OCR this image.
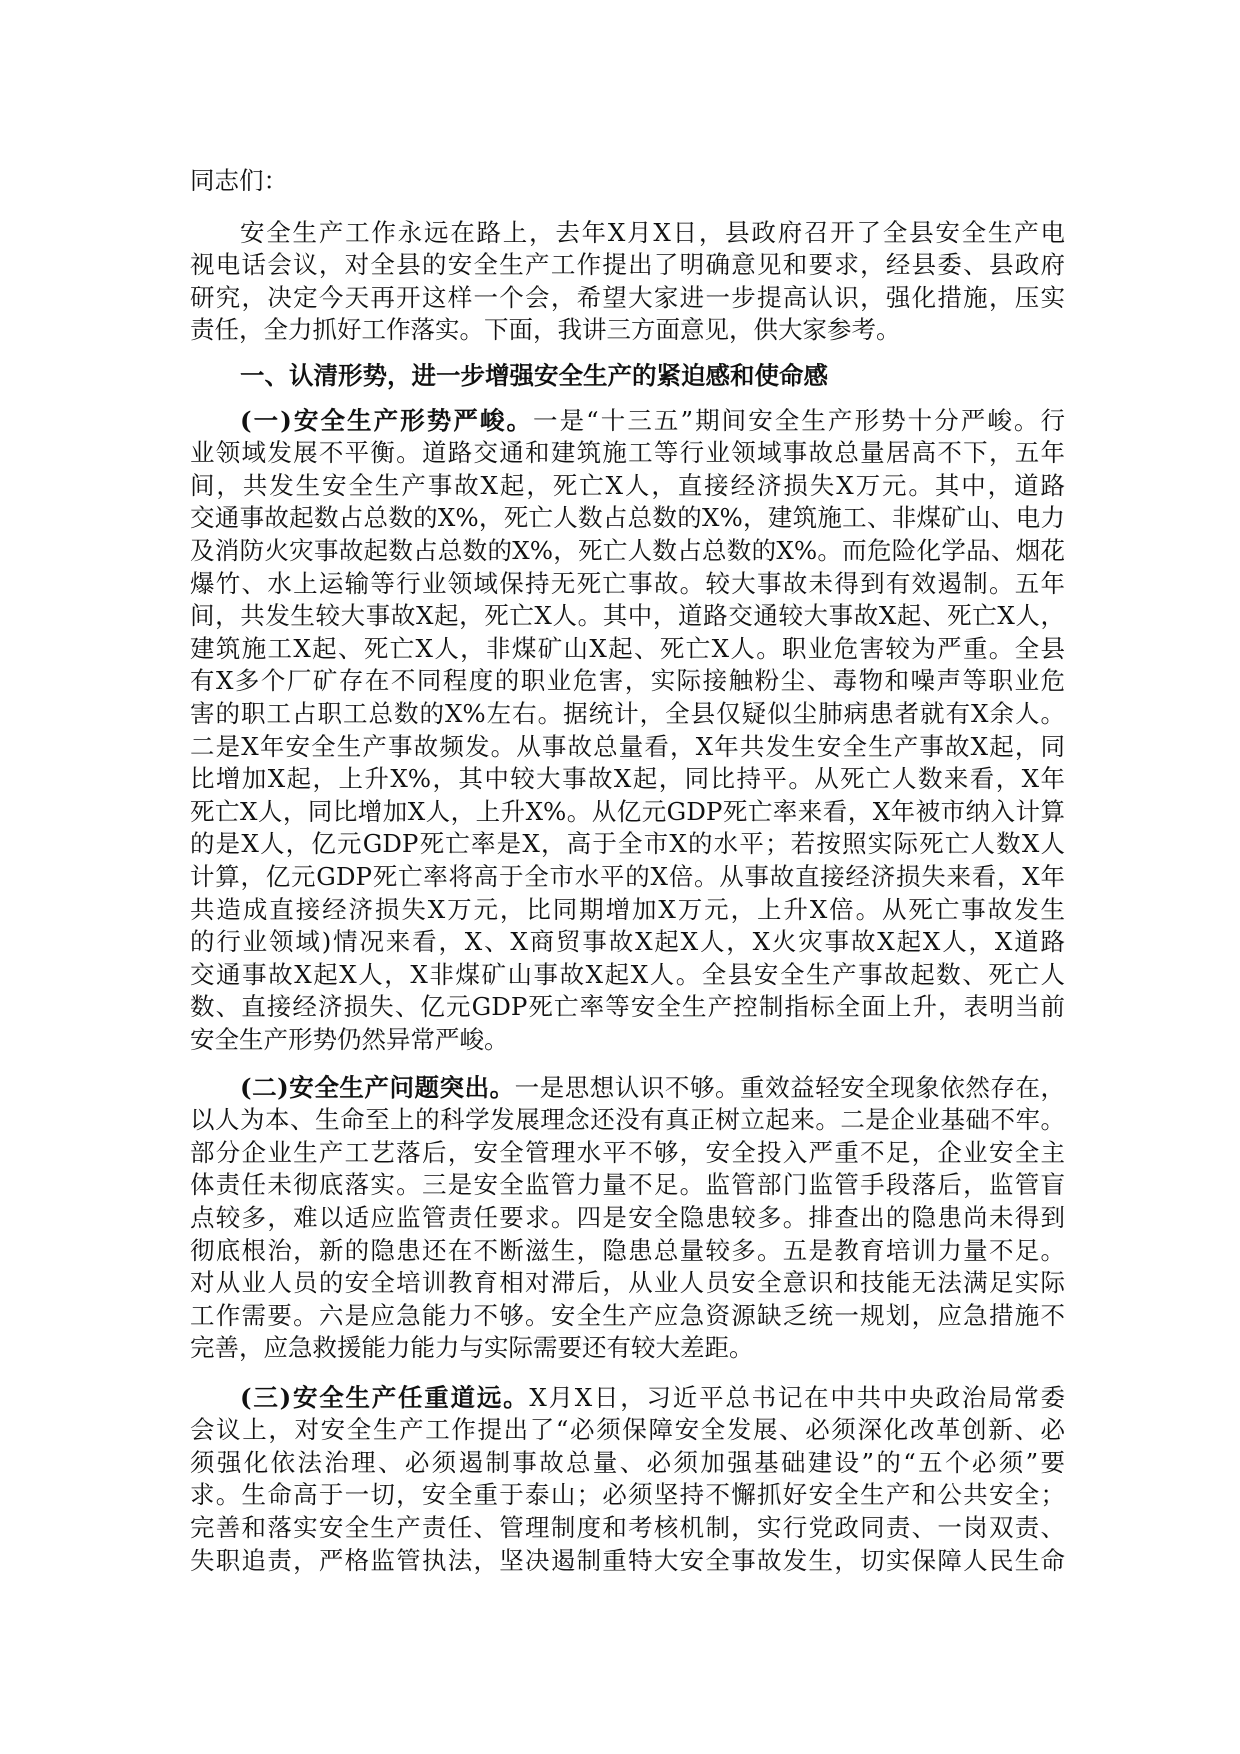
同志们：
安全生产工作永远在路上，去年X月X日，县政府召开了全县安全生产电
视电话会议，对全县的安全生产工作提出了明确意见和要求，经县委、县政府
研究，决定今天再开这样一个会，希望大家进一步提高认识，强化措施，压实
责任，全力抓好工作落实。下面，我讲三方面意见，供大家参考。
一、认清形势，进一步增强安全生产的紧迫感和使命感
(一)安全生产形势严峻。一是“十三五”期间安全生产形势十分严峻。行
业领域发展不平衡。道路交通和建筑施工等行业领域事故总量居高不下，五年
间，共发生安全生产事故X起，死亡X人，直接经济损失X万元。其中，道路
交通事故起数占总数的X%，死亡人数占总数的X%，建筑施工、非煤矿山、电力
及消防火灾事故起数占总数的X%，死亡人数占总数的X%。而危险化学品、烟花
爆竹、水上运输等行业领域保持无死亡事故。较大事故未得到有效遏制。五年
间，共发生较大事故X起，死亡X人。其中，道路交通较大事故X起、死亡X人，
建筑施工X起、死亡X人，非煤矿山X起、死亡X人。职业危害较为严重。全县
有X多个厂矿存在不同程度的职业危害，实际接触粉尘、毒物和噪声等职业危
害的职工占职工总数的X%左右。据统计，全县仅疑似尘肺病患者就有X余人。
二是X年安全生产事故频发。从事故总量看，X年共发生安全生产事故X起，同
比增加X起，上升X%，其中较大事故X起，同比持平。从死亡人数来看，X年
死亡X人，同比增加X人，上升X%。从亿元GDP死亡率来看，X年被市纳入计算
的是X人，亿元GDP死亡率是X，高于全市X的水平；若按照实际死亡人数X人
计算，亿元GDP死亡率将高于全市水平的X倍。从事故直接经济损失来看，X年
共造成直接经济损失X万元，比同期增加X万元，上升X倍。从死亡事故发生
的行业领域)情况来看，X、X商贸事故X起X人，X火灾事故X起X人，X道路
交通事故X起X人，X非煤矿山事故X起X人。全县安全生产事故起数、死亡人
数、直接经济损失、亿元GDP死亡率等安全生产控制指标全面上升，表明当前
安全生产形势仍然异常严峻。
(二)安全生产问题突出。一是思想认识不够。重效益轻安全现象依然存在，
以人为本、生命至上的科学发展理念还没有真正树立起来。二是企业基础不牢。
部分企业生产工艺落后，安全管理水平不够，安全投入严重不足，企业安全主
体责任未彻底落实。三是安全监管力量不足。监管部门监管手段落后，监管盲
点较多，难以适应监管责任要求。四是安全隐患较多。排查出的隐患尚未得到
彻底根治，新的隐患还在不断滋生，隐患总量较多。五是教育培训力量不足。
对从业人员的安全培训教育相对滞后，从业人员安全意识和技能无法满足实际
工作需要。六是应急能力不够。安全生产应急资源缺乏统一规划，应急措施不
完善，应急救援能力能力与实际需要还有较大差距。
(三)安全生产任重道远。X月X日，习近平总书记在中共中央政治局常委
会议上，对安全生产工作提出了“必须保障安全发展、必须深化改革创新、必
须强化依法治理、必须遏制事故总量、必须加强基础建设”的“五个必须”要
求。生命高于一切，安全重于泰山；必须坚持不懈抓好安全生产和公共安全；
完善和落实安全生产责任、管理制度和考核机制，实行党政同责、一岗双责、
失职追责，严格监管执法，坚决遏制重特大安全事故发生，切实保障人民生命
